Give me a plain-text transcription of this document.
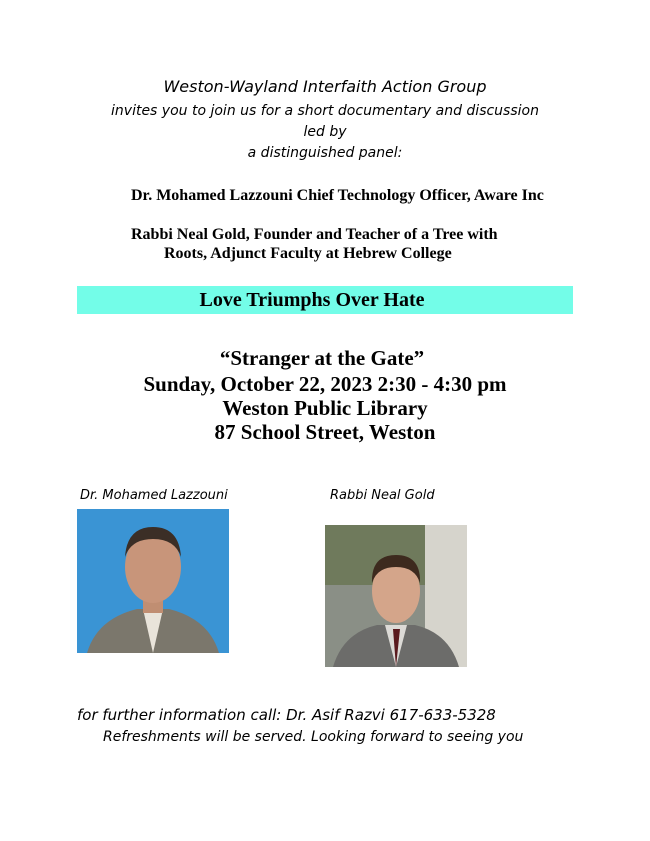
Weston-Wayland Interfaith Action Group
invites you to join us for a short documentary and discussion
led by
a distinguished panel:
Dr. Mohamed Lazzouni Chief Technology Officer, Aware Inc
Rabbi Neal Gold, Founder and Teacher of a Tree with
Roots, Adjunct Faculty at Hebrew College
Love Triumphs Over Hate
“Stranger at the Gate”
Sunday, October 22, 2023 2:30 - 4:30 pm
Weston Public Library
87 School Street, Weston
Dr. Mohamed Lazzouni	Rabbi Neal Gold
for further information call: Dr. Asif Razvi 617-633-5328
Refreshments will be served. Looking forward to seeing you
